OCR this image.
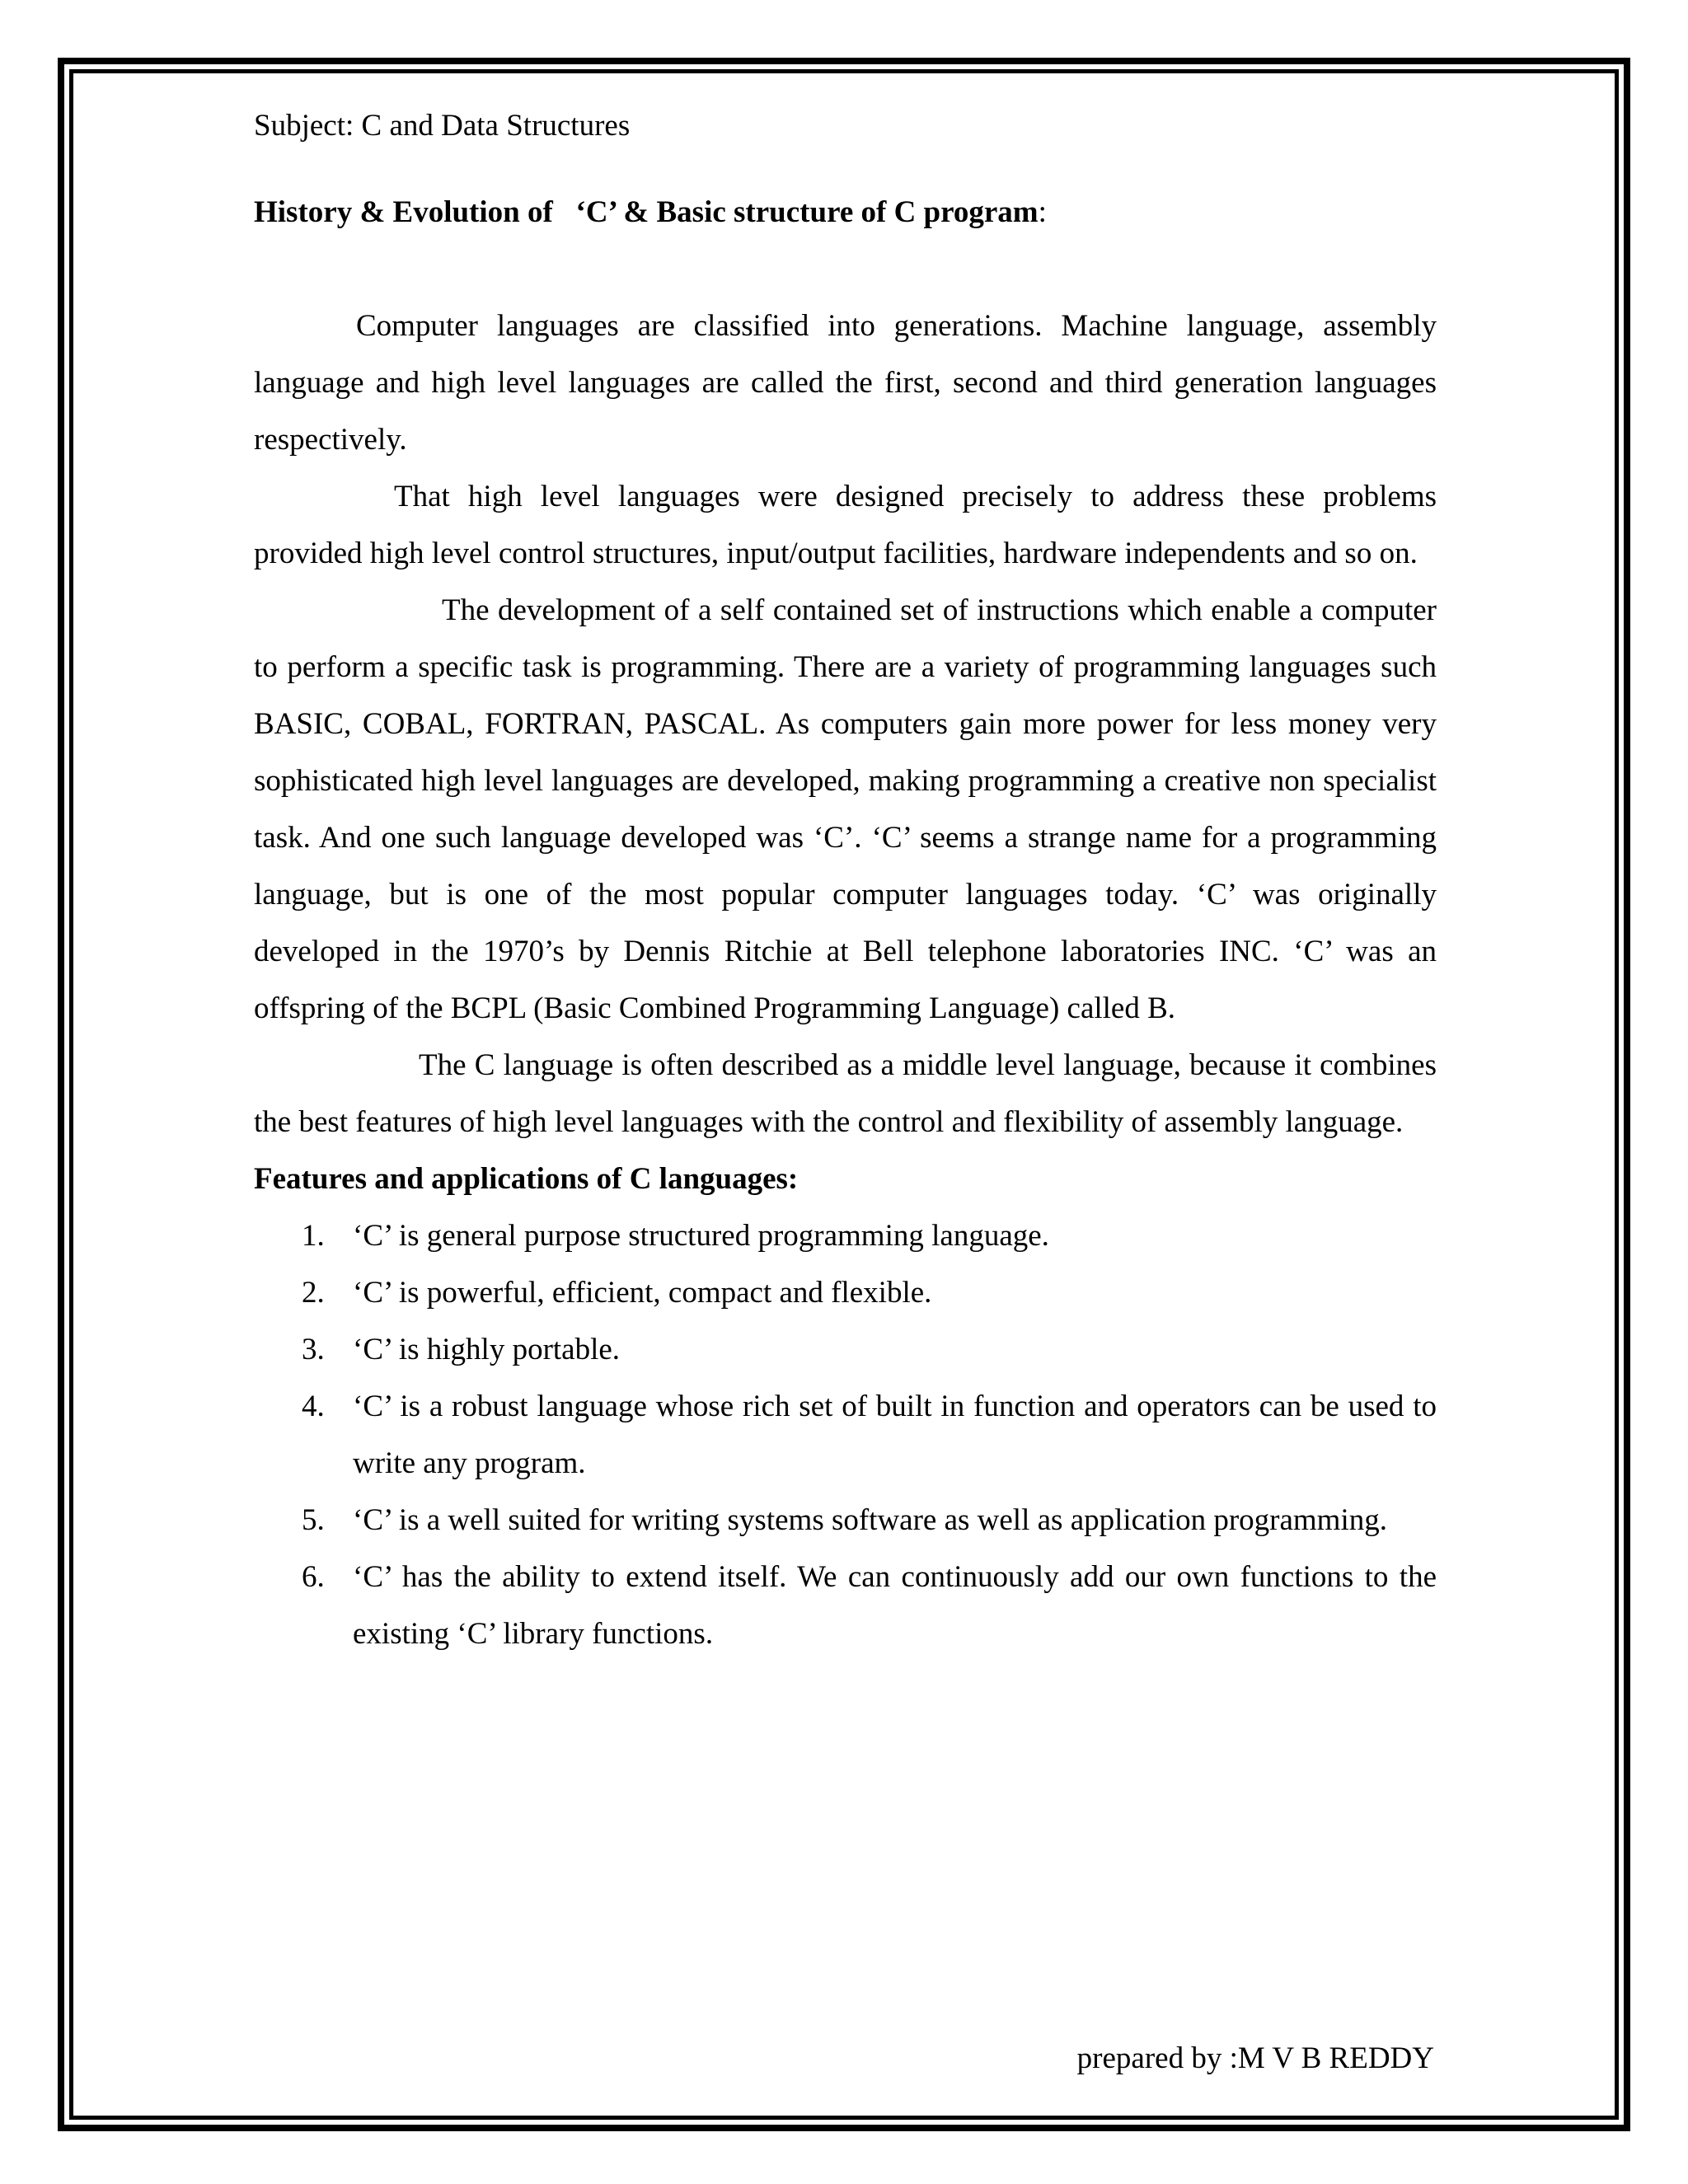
Subject: C and Data Structures

History & Evolution of   ‘C’ & Basic structure of C program:

Computer languages are classified into generations. Machine language, assembly language and high level languages are called the first, second and third generation languages respectively.

That high level languages were designed precisely to address these problems provided high level control structures, input/output facilities, hardware independents and so on.

The development of a self contained set of instructions which enable a computer to perform a specific task is programming. There are a variety of programming languages such BASIC, COBAL, FORTRAN, PASCAL. As computers gain more power for less money very sophisticated high level languages are developed, making programming a creative non specialist task. And one such language developed was ‘C’. ‘C’ seems a strange name for a programming language, but is one of the most popular computer languages today. ‘C’ was originally developed in the 1970’s by Dennis Ritchie at Bell telephone laboratories INC. ‘C’ was an offspring of the BCPL (Basic Combined Programming Language) called B.

The C language is often described as a middle level language, because it combines the best features of high level languages with the control and flexibility of assembly language.

Features and applications of C languages:

1. ‘C’ is general purpose structured programming language.
2. ‘C’ is powerful, efficient, compact and flexible.
3. ‘C’ is highly portable.
4. ‘C’ is a robust language whose rich set of built in function and operators can be used to write any program.
5. ‘C’ is a well suited for writing systems software as well as application programming.
6. ‘C’ has the ability to extend itself. We can continuously add our own functions to the existing ‘C’ library functions.
prepared by :M V B REDDY
